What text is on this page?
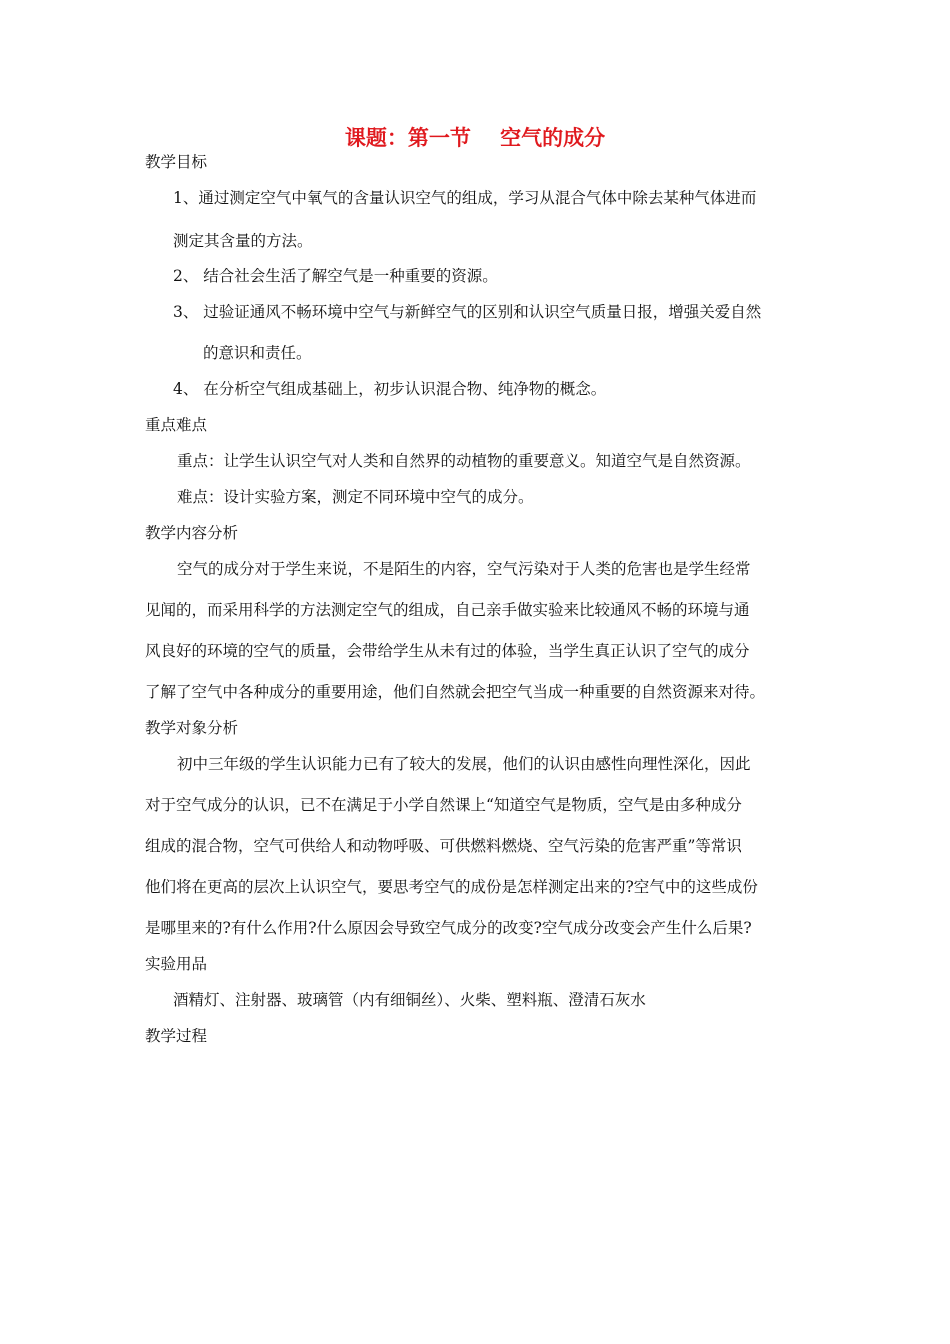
课题：第一节    空气的成分
教学目标
1、通过测定空气中氧气的含量认识空气的组成，学习从混合气体中除去某种气体进而
测定其含量的方法。
2、 结合社会生活了解空气是一种重要的资源。
3、 过验证通风不畅环境中空气与新鲜空气的区别和认识空气质量日报，增强关爱自然
的意识和责任。
4、 在分析空气组成基础上，初步认识混合物、纯净物的概念。
重点难点
重点：让学生认识空气对人类和自然界的动植物的重要意义。知道空气是自然资源。
难点：设计实验方案，测定不同环境中空气的成分。
教学内容分析
空气的成分对于学生来说，不是陌生的内容，空气污染对于人类的危害也是学生经常
见闻的，而采用科学的方法测定空气的组成，自己亲手做实验来比较通风不畅的环境与通
风良好的环境的空气的质量，会带给学生从未有过的体验，当学生真正认识了空气的成分
了解了空气中各种成分的重要用途，他们自然就会把空气当成一种重要的自然资源来对待。
教学对象分析
初中三年级的学生认识能力已有了较大的发展，他们的认识由感性向理性深化，因此
对于空气成分的认识，已不在满足于小学自然课上“知道空气是物质，空气是由多种成分
组成的混合物，空气可供给人和动物呼吸、可供燃料燃烧、空气污染的危害严重”等常识
他们将在更高的层次上认识空气，要思考空气的成份是怎样测定出来的?空气中的这些成份
是哪里来的?有什么作用?什么原因会导致空气成分的改变?空气成分改变会产生什么后果?
实验用品
酒精灯、注射器、玻璃管（内有细铜丝）、火柴、塑料瓶、澄清石灰水
教学过程
